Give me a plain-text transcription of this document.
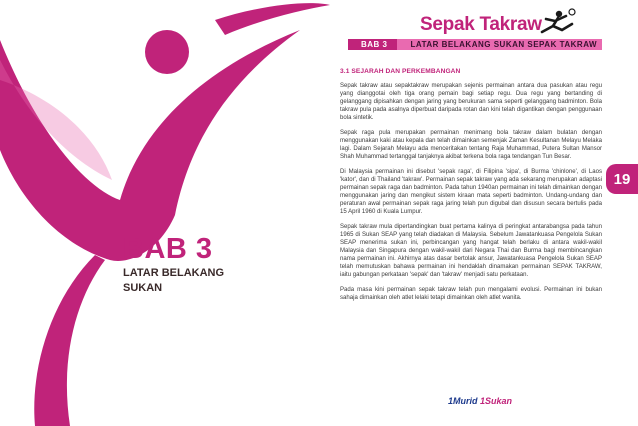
Sepak Takraw
BAB 3	LATAR BELAKANG SUKAN SEPAK TAKRAW
3.1 SEJARAH DAN PERKEMBANGAN

Sepak takraw atau sepaktakraw merupakan sejenis permainan antara dua pasukan atau regu yang dianggotai oleh tiga orang pemain bagi setiap regu. Dua regu yang bertanding di gelanggang dipisahkan dengan jaring yang berukuran sama seperti gelanggang badminton. Bola takraw pula pada asalnya diperbuat daripada rotan dan kini telah digantikan dengan penggunaan bola sintetik.

Sepak raga pula merupakan permainan menimang bola takraw dalam bulatan dengan menggunakan kaki atau kepala dan telah dimainkan semenjak Zaman Kesultanan Melayu Melaka lagi. Dalam Sejarah Melayu ada menceritakan tentang Raja Muhammad, Putera Sultan Mansor Shah Muhammad tertanggal tanjaknya akibat terkena bola raga tendangan Tun Besar.

Di Malaysia permainan ini disebut 'sepak raga', di Filipina 'sipa', di Burma 'chinlone', di Laos 'kator', dan di Thailand 'takraw'. Permainan sepak takraw yang ada sekarang merupakan adaptasi permainan sepak raga dan badminton. Pada tahun 1940an permainan ini telah dimainkan dengan menggunakan jaring dan mengikut sistem kiraan mata seperti badminton. Undang-undang dan peraturan awal permainan sepak raga jaring telah pun digubal dan disusun secara bertulis pada 15 April 1960 di Kuala Lumpur.

Sepak takraw mula dipertandingkan buat pertama kalinya di peringkat antarabangsa pada tahun 1965 di Sukan SEAP yang telah diadakan di Malaysia. Sebelum Jawatankuasa Pengelola Sukan SEAP menerima sukan ini, perbincangan yang hangat telah berlaku di antara wakil-wakil Malaysia dan Singapura dengan wakil-wakil dari Negara Thai dan Burma bagi membincangkan nama permainan ini. Akhirnya atas dasar bertolak ansur, Jawatankuasa Pengelola Sukan SEAP telah memutuskan bahawa permainan ini hendaklah dinamakan permainan SEPAK TAKRAW, iaitu gabungan perkataan 'sepak' dan 'takraw' menjadi satu perkataan.

Pada masa kini permainan sepak takraw telah pun mengalami evolusi. Permainan ini bukan sahaja dimainkan oleh atlet lelaki tetapi dimainkan oleh atlet wanita.

19
BAB 3
LATAR BELAKANG
SUKAN
1Murid 1Sukan
